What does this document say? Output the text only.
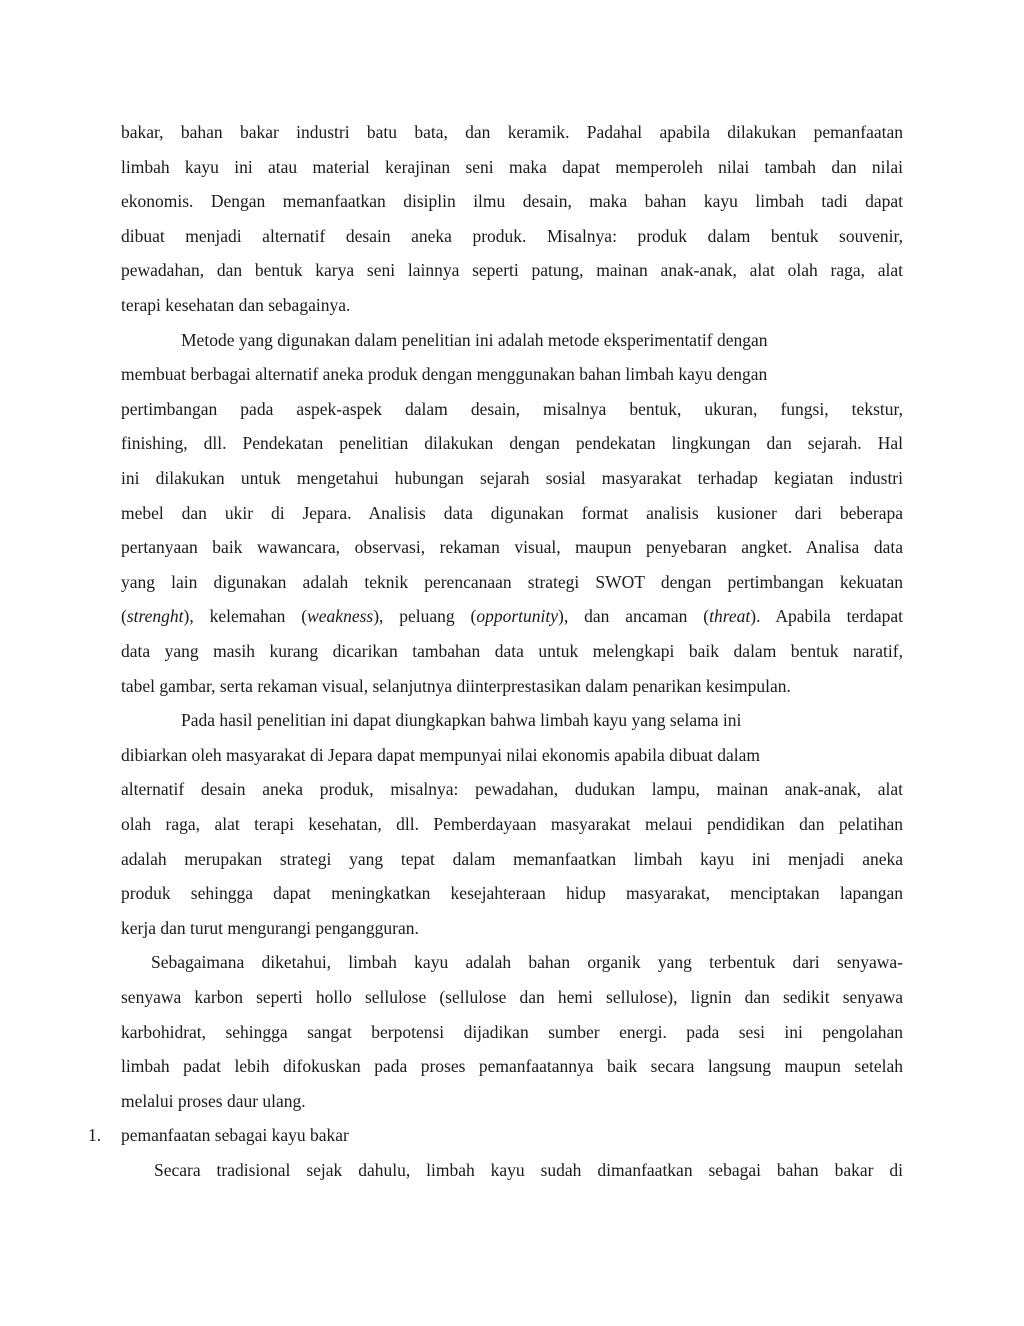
bakar, bahan bakar industri batu bata, dan keramik. Padahal apabila dilakukan pemanfaatan
limbah kayu ini atau material kerajinan seni maka dapat memperoleh nilai tambah dan nilai
ekonomis. Dengan memanfaatkan disiplin ilmu desain, maka bahan kayu limbah tadi dapat
dibuat menjadi alternatif desain aneka produk. Misalnya: produk dalam bentuk souvenir,
pewadahan, dan bentuk karya seni lainnya seperti patung, mainan anak-anak, alat olah raga, alat
terapi kesehatan dan sebagainya.
Metode yang digunakan dalam penelitian ini adalah metode eksperimentatif dengan
membuat berbagai alternatif aneka produk dengan menggunakan bahan limbah kayu dengan
pertimbangan pada aspek-aspek dalam desain, misalnya bentuk, ukuran, fungsi, tekstur,
finishing, dll. Pendekatan penelitian dilakukan dengan pendekatan lingkungan dan sejarah. Hal
ini dilakukan untuk mengetahui hubungan sejarah sosial masyarakat terhadap kegiatan industri
mebel dan ukir di Jepara. Analisis data digunakan format analisis kusioner dari beberapa
pertanyaan baik wawancara, observasi, rekaman visual, maupun penyebaran angket. Analisa data
yang lain digunakan adalah teknik perencanaan strategi SWOT dengan pertimbangan kekuatan
(strenght), kelemahan (weakness), peluang (opportunity), dan ancaman (threat). Apabila terdapat
data yang masih kurang dicarikan tambahan data untuk melengkapi baik dalam bentuk naratif,
tabel gambar, serta rekaman visual, selanjutnya diinterprestasikan dalam penarikan kesimpulan.
Pada hasil penelitian ini dapat diungkapkan bahwa limbah kayu yang selama ini
dibiarkan oleh masyarakat di Jepara dapat mempunyai nilai ekonomis apabila dibuat dalam
alternatif desain aneka produk, misalnya: pewadahan, dudukan lampu, mainan anak-anak, alat
olah raga, alat terapi kesehatan, dll. Pemberdayaan masyarakat melaui pendidikan dan pelatihan
adalah merupakan strategi yang tepat dalam memanfaatkan limbah kayu ini menjadi aneka
produk sehingga dapat meningkatkan kesejahteraan hidup masyarakat, menciptakan lapangan
kerja dan turut mengurangi pengangguran.
Sebagaimana diketahui, limbah kayu adalah bahan organik yang terbentuk dari senyawa-
senyawa karbon seperti hollo sellulose (sellulose dan hemi sellulose), lignin dan sedikit senyawa
karbohidrat, sehingga sangat berpotensi dijadikan sumber energi. pada sesi ini pengolahan
limbah padat lebih difokuskan pada proses pemanfaatannya baik secara langsung maupun setelah
melalui proses daur ulang.
1. pemanfaatan sebagai kayu bakar
Secara tradisional sejak dahulu, limbah kayu sudah dimanfaatkan sebagai bahan bakar di
